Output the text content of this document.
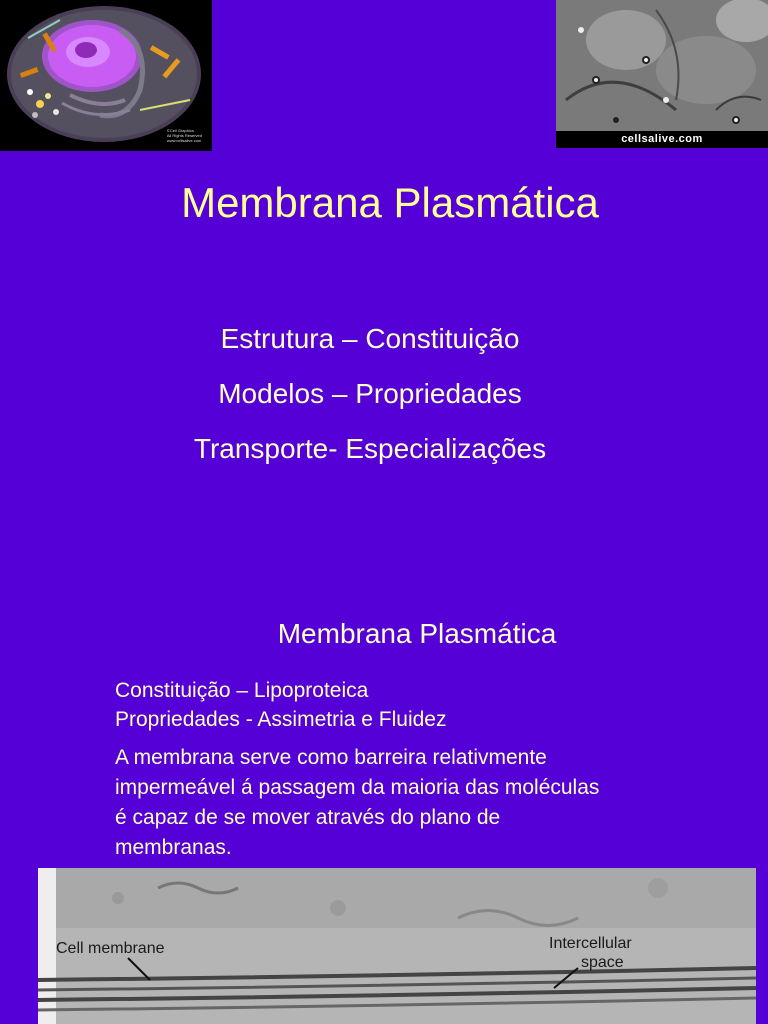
©Cell Graphics
All Rights Reserved
www.cellsalive.com	cellsalive.com
Membrana Plasmática

Estrutura – Constituição

Modelos – Propriedades

Transporte- Especializações

Membrana Plasmática

Constituição – Lipoproteica

Propriedades - Assimetria e Fluidez

A membrana serve como barreira relativmente
impermeável á passagem da maioria das moléculas
é capaz de se mover através do plano de
membranas.
Cell membrane	Intercellular
space
